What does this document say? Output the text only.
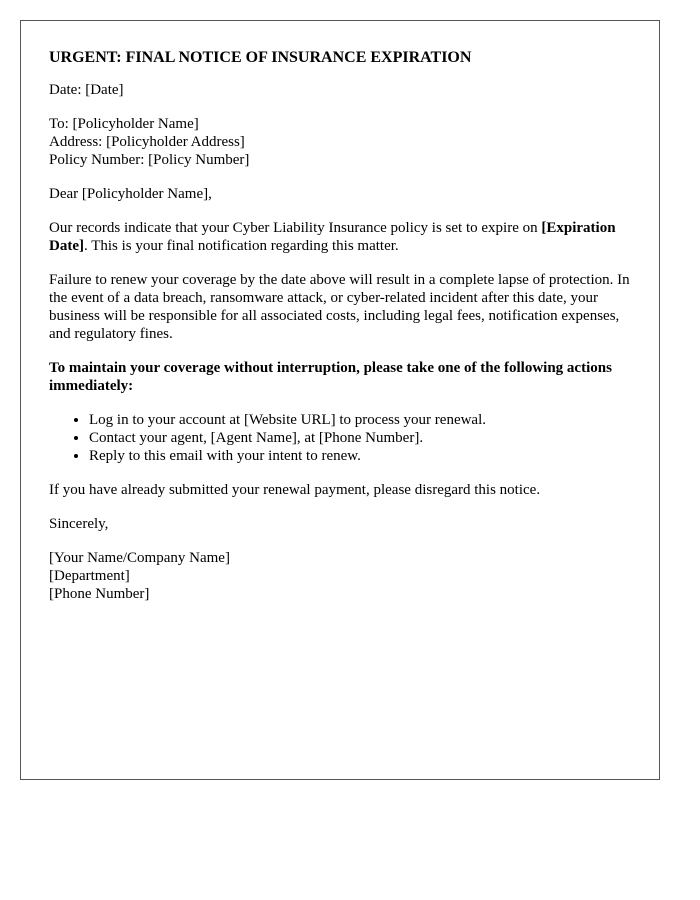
URGENT: FINAL NOTICE OF INSURANCE EXPIRATION

Date: [Date]

To: [Policyholder Name]
Address: [Policyholder Address]
Policy Number: [Policy Number]

Dear [Policyholder Name],

Our records indicate that your Cyber Liability Insurance policy is set to expire on [Expiration Date]. This is your final notification regarding this matter.

Failure to renew your coverage by the date above will result in a complete lapse of protection. In the event of a data breach, ransomware attack, or cyber-related incident after this date, your business will be responsible for all associated costs, including legal fees, notification expenses, and regulatory fines.

To maintain your coverage without interruption, please take one of the following actions immediately:

• Log in to your account at [Website URL] to process your renewal.
• Contact your agent, [Agent Name], at [Phone Number].
• Reply to this email with your intent to renew.

If you have already submitted your renewal payment, please disregard this notice.

Sincerely,

[Your Name/Company Name]
[Department]
[Phone Number]
